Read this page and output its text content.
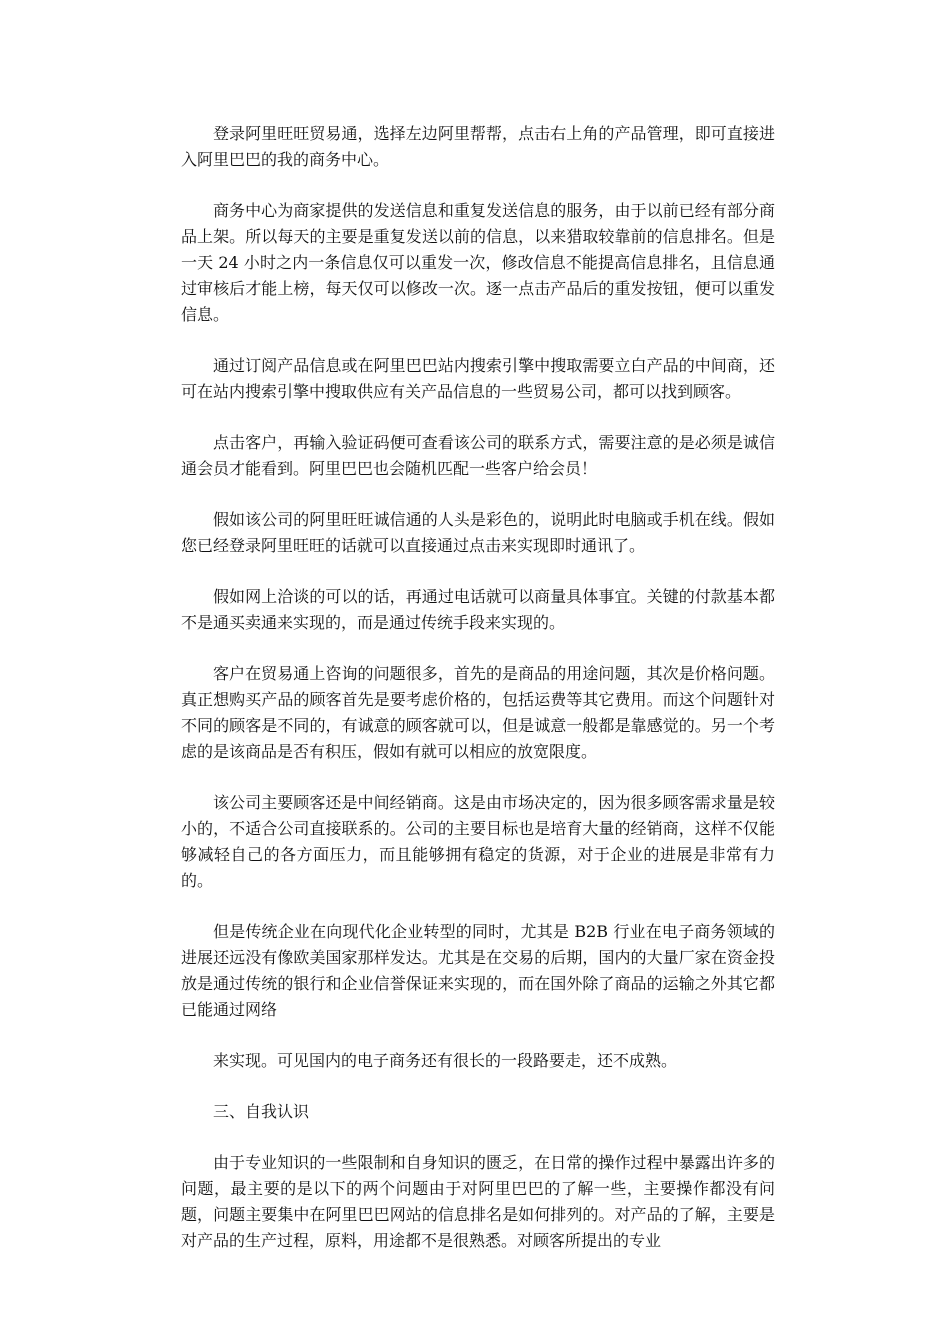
登录阿里旺旺贸易通，选择左边阿里帮帮，点击右上角的产品管理，即可直接进入阿里巴巴的我的商务中心。

商务中心为商家提供的发送信息和重复发送信息的服务，由于以前已经有部分商品上架。所以每天的主要是重复发送以前的信息，以来猎取较靠前的信息排名。但是一天 24 小时之内一条信息仅可以重发一次，修改信息不能提高信息排名，且信息通过审核后才能上榜，每天仅可以修改一次。逐一点击产品后的重发按钮，便可以重发信息。

通过订阅产品信息或在阿里巴巴站内搜索引擎中搜取需要立白产品的中间商，还可在站内搜索引擎中搜取供应有关产品信息的一些贸易公司，都可以找到顾客。

点击客户，再输入验证码便可查看该公司的联系方式，需要注意的是必须是诚信通会员才能看到。阿里巴巴也会随机匹配一些客户给会员！

假如该公司的阿里旺旺诚信通的人头是彩色的，说明此时电脑或手机在线。假如您已经登录阿里旺旺的话就可以直接通过点击来实现即时通讯了。

假如网上洽谈的可以的话，再通过电话就可以商量具体事宜。关键的付款基本都不是通买卖通来实现的，而是通过传统手段来实现的。

客户在贸易通上咨询的问题很多，首先的是商品的用途问题，其次是价格问题。真正想购买产品的顾客首先是要考虑价格的，包括运费等其它费用。而这个问题针对不同的顾客是不同的，有诚意的顾客就可以，但是诚意一般都是靠感觉的。另一个考虑的是该商品是否有积压，假如有就可以相应的放宽限度。

该公司主要顾客还是中间经销商。这是由市场决定的，因为很多顾客需求量是较小的，不适合公司直接联系的。公司的主要目标也是培育大量的经销商，这样不仅能够减轻自己的各方面压力，而且能够拥有稳定的货源，对于企业的进展是非常有力的。

但是传统企业在向现代化企业转型的同时，尤其是 B2B 行业在电子商务领域的进展还远没有像欧美国家那样发达。尤其是在交易的后期，国内的大量厂家在资金投放是通过传统的银行和企业信誉保证来实现的，而在国外除了商品的运输之外其它都已能通过网络

来实现。可见国内的电子商务还有很长的一段路要走，还不成熟。

三、自我认识

由于专业知识的一些限制和自身知识的匮乏，在日常的操作过程中暴露出许多的问题，最主要的是以下的两个问题由于对阿里巴巴的了解一些，主要操作都没有问题，问题主要集中在阿里巴巴网站的信息排名是如何排列的。对产品的了解，主要是对产品的生产过程，原料，用途都不是很熟悉。对顾客所提出的专业
